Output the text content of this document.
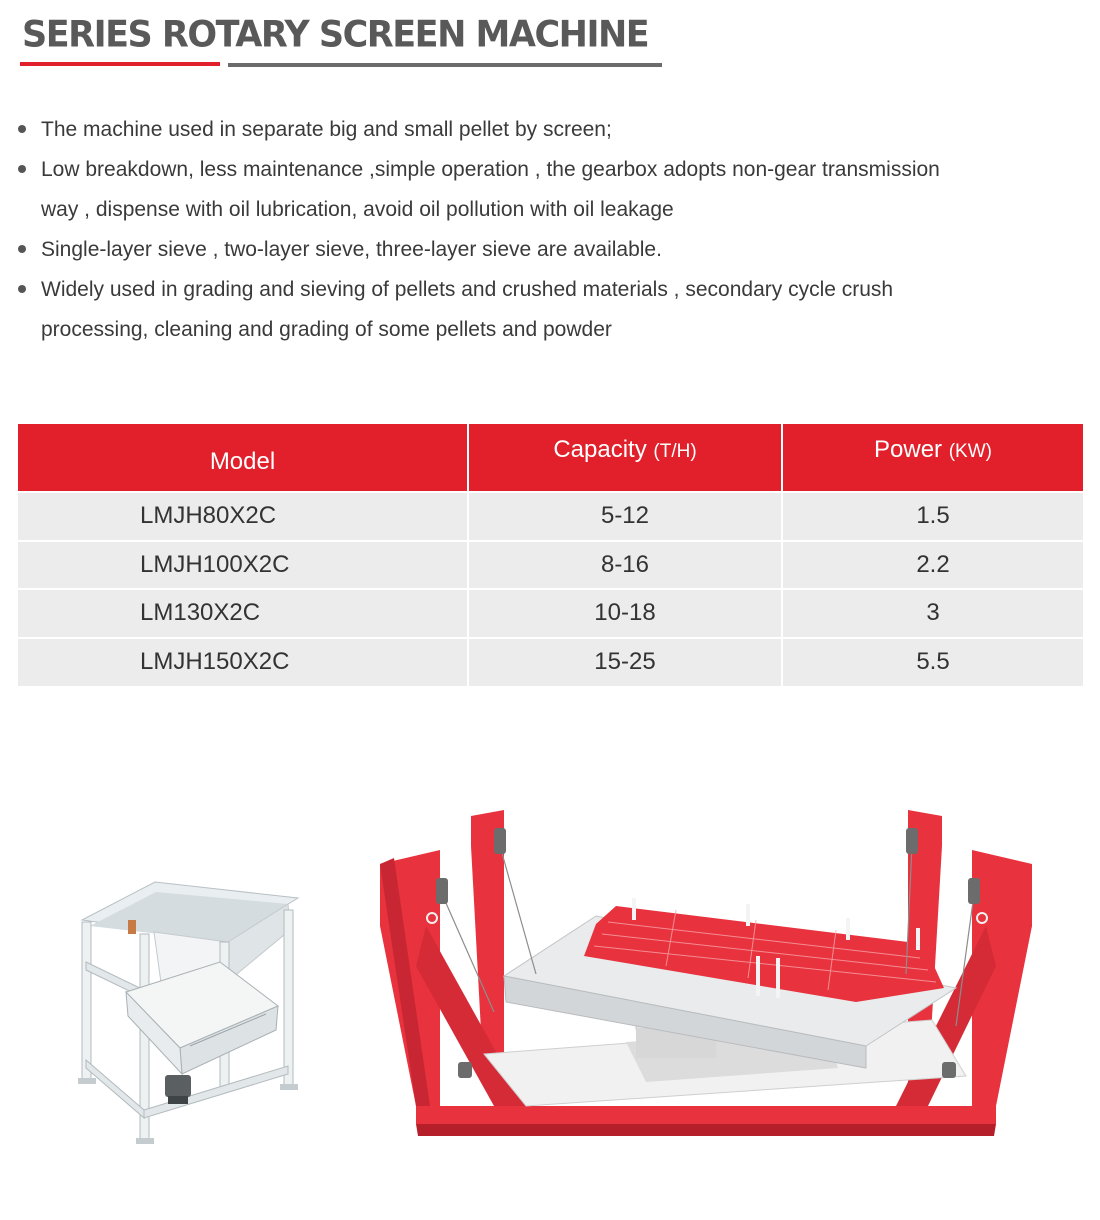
SERIES ROTARY SCREEN MACHINE
The machine used in separate big and small pellet by screen;
Low breakdown, less maintenance ,simple operation , the gearbox adopts non-gear transmission
way , dispense with oil lubrication, avoid oil pollution with oil leakage
Single-layer sieve , two-layer sieve, three-layer sieve are available.
Widely used in grading and sieving of pellets and crushed materials , secondary cycle crush
processing, cleaning and grading of some pellets and powder
Model	Capacity (T/H)	Power (KW)
LMJH80X2C	5-12	1.5
LMJH100X2C	8-16	2.2
LM130X2C	10-18	3
LMJH150X2C	15-25	5.5
